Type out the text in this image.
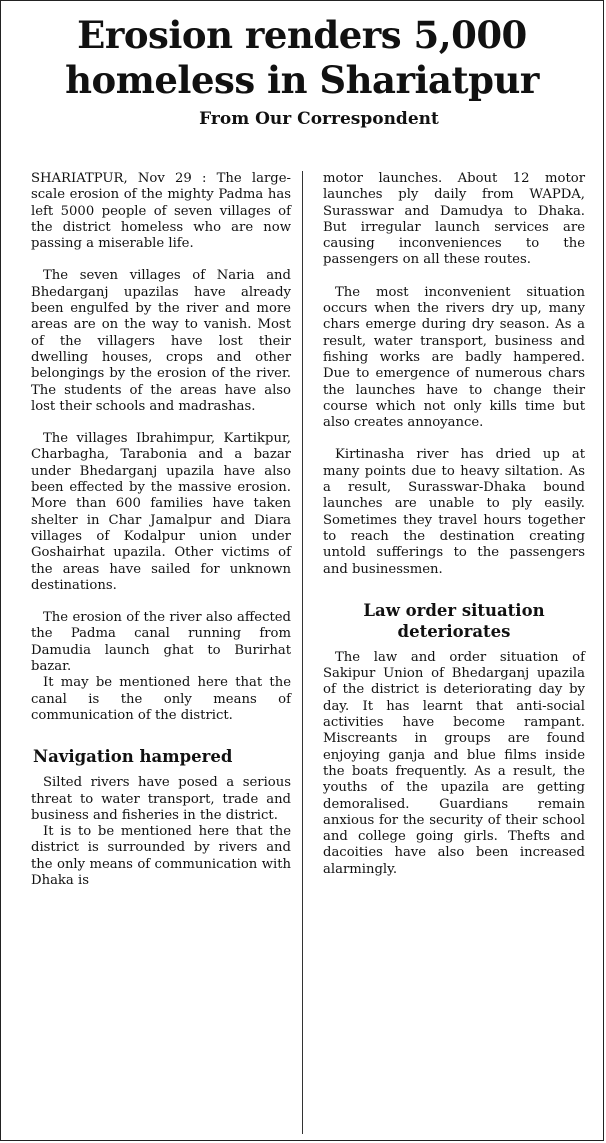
Erosion renders 5,000
homeless in Shariatpur
From Our Correspondent

SHARIATPUR, Nov 29 : The large-scale erosion of the mighty Padma has left 5000 people of seven villages of the district homeless who are now passing a miserable life.

The seven villages of Naria and Bhedarganj upazilas have already been engulfed by the river and more areas are on the way to vanish. Most of the villagers have lost their dwelling houses, crops and other belongings by the erosion of the river. The students of the areas have also lost their schools and madrashas.

The villages Ibrahimpur, Kartikpur, Charbagha, Tarabonia and a bazar under Bhedarganj upazila have also been effected by the massive erosion. More than 600 families have taken shelter in Char Jamalpur and Diara villages of Kodalpur union under Goshairhat upazila. Other victims of the areas have sailed for unknown destinations.

The erosion of the river also affected the Padma canal running from Damudia launch ghat to Burirhat bazar.

It may be mentioned here that the canal is the only means of communication of the district.

Navigation hampered

Silted rivers have posed a serious threat to water transport, trade and business and fisheries in the district.

It is to be mentioned here that the district is surrounded by rivers and the only means of communication with Dhaka is

motor launches. About 12 motor launches ply daily from WAPDA, Surasswar and Damudya to Dhaka. But irregular launch services are causing inconveniences to the passengers on all these routes.

The most inconvenient situation occurs when the rivers dry up, many chars emerge during dry season. As a result, water transport, business and fishing works are badly hampered. Due to emergence of numerous chars the launches have to change their course which not only kills time but also creates annoyance.

Kirtinasha river has dried up at many points due to heavy siltation. As a result, Surasswar-Dhaka bound launches are unable to ply easily. Sometimes they travel hours together to reach the destination creating untold sufferings to the passengers and businessmen.

Law order situation
deteriorates

The law and order situation of Sakipur Union of Bhedarganj upazila of the district is deteriorating day by day. It has learnt that anti-social activities have become rampant. Miscreants in groups are found enjoying ganja and blue films inside the boats frequently. As a result, the youths of the upazila are getting demoralised. Guardians remain anxious for the security of their school and college going girls. Thefts and dacoities have also been increased alarmingly.
